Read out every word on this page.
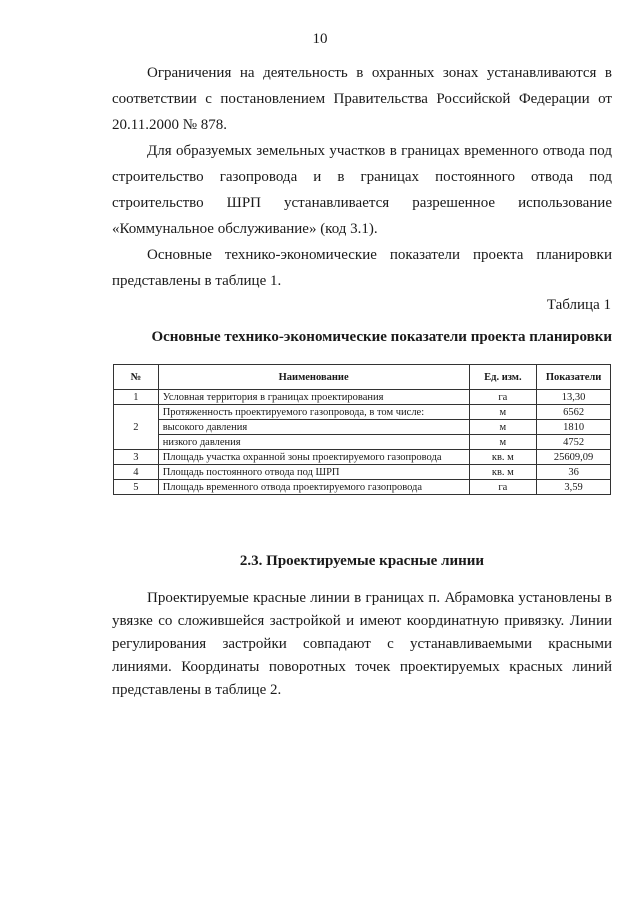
10

Ограничения на деятельность в охранных зонах устанавливаются в соответствии с постановлением Правительства Российской Федерации от 20.11.2000 № 878.

Для образуемых земельных участков в границах временного отвода под строительство газопровода и в границах постоянного отвода под строительство ШРП устанавливается разрешенное использование «Коммунальное обслуживание» (код 3.1).

Основные технико-экономические показатели проекта планировки представлены в таблице 1.

Таблица 1
Основные технико-экономические показатели проекта планировки
№	Наименование	Ед. изм.	Показатели
1	Условная территория в границах проектирования	га	13,30
2	Протяженность проектируемого газопровода, в том числе:	м	6562
	высокого давления	м	1810
	низкого давления	м	4752
3	Площадь участка охранной зоны проектируемого газопровода	кв. м	25609,09
4	Площадь постоянного отвода под ШРП	кв. м	36
5	Площадь временного отвода проектируемого газопровода	га	3,59
2.3. Проектируемые красные линии

Проектируемые красные линии в границах п. Абрамовка установлены в увязке со сложившейся застройкой и имеют координатную привязку. Линии регулирования застройки совпадают с устанавливаемыми красными линиями. Координаты поворотных точек проектируемых красных линий представлены в таблице 2.
